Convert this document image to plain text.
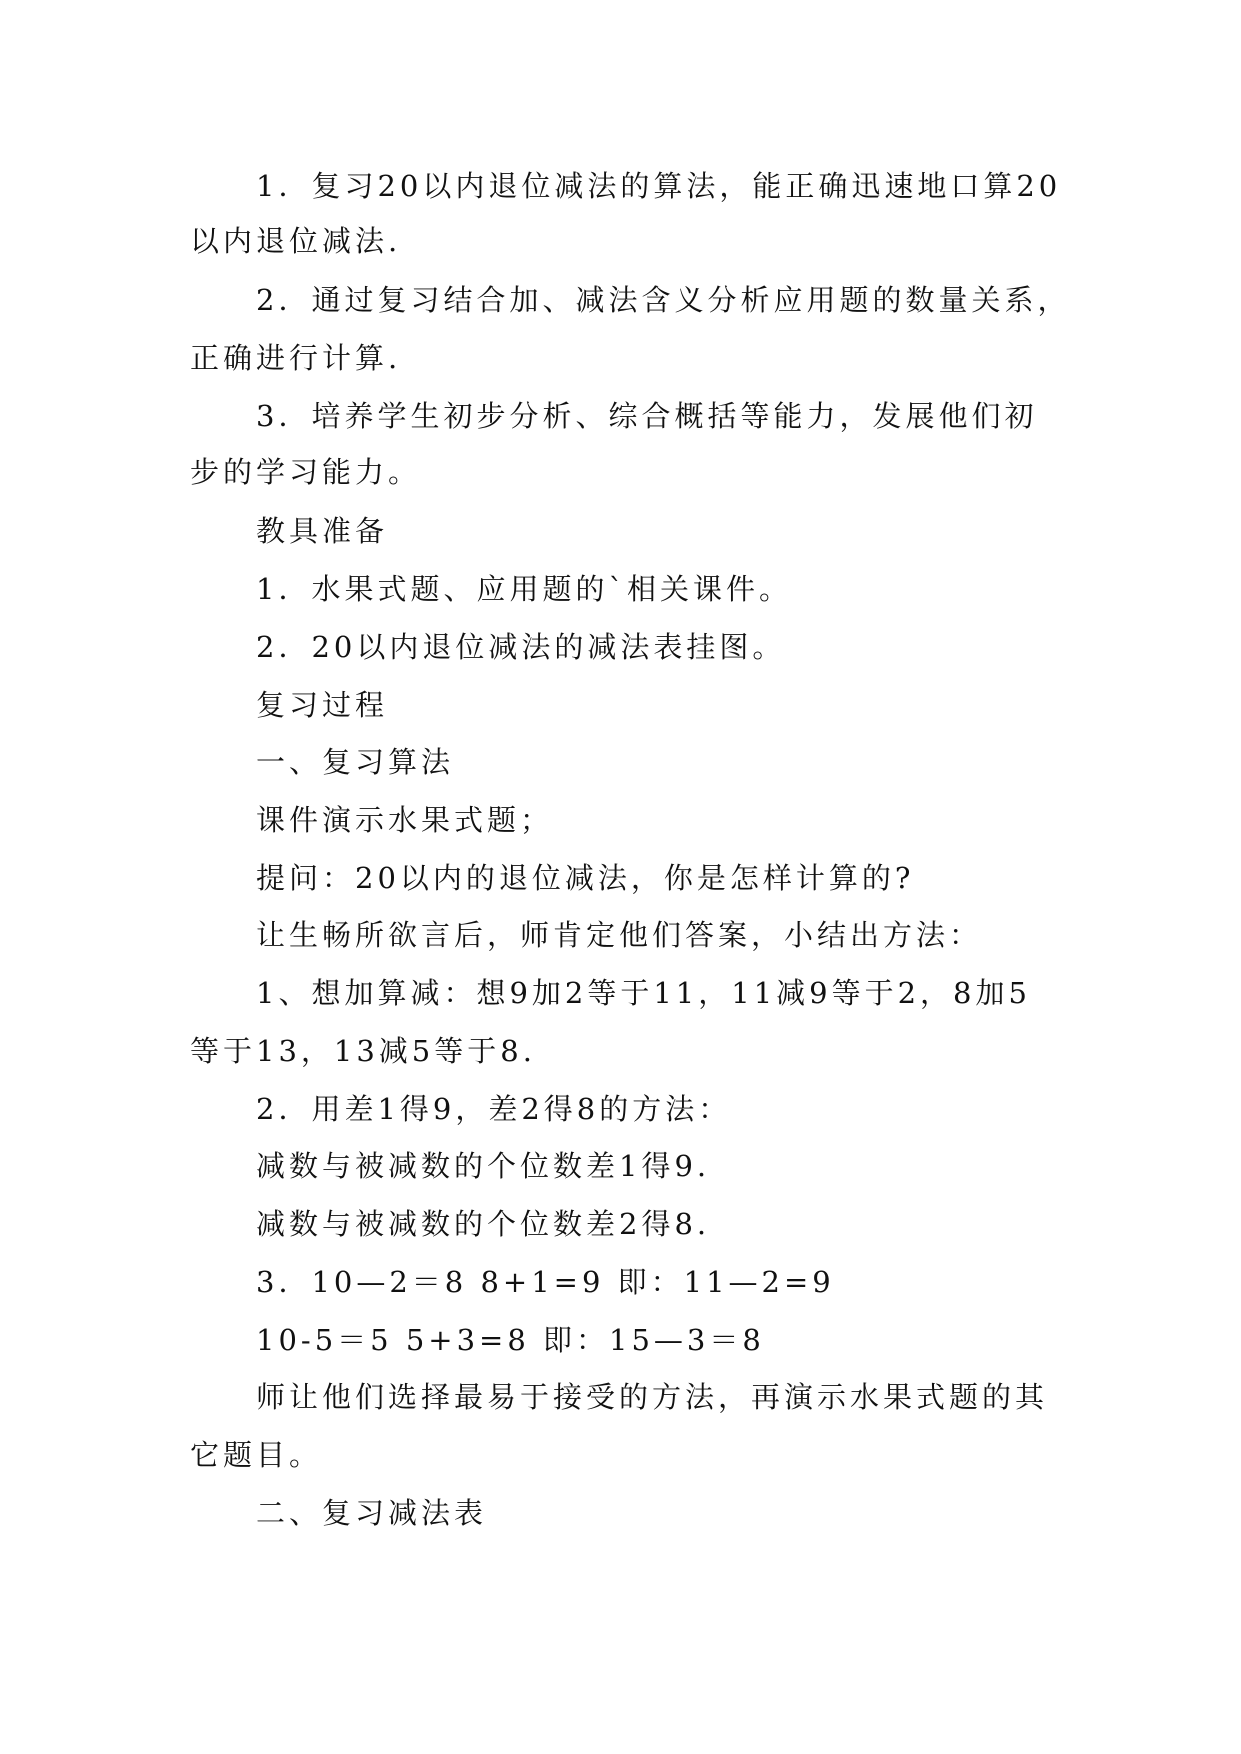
1．复习20以内退位减法的算法，能正确迅速地口算20
以内退位减法.
2．通过复习结合加、减法含义分析应用题的数量关系，
正确进行计算.
3．培养学生初步分析、综合概括等能力，发展他们初
步的学习能力。
教具准备
1．水果式题、应用题的`相关课件。
2．20以内退位减法的减法表挂图。
复习过程
一、复习算法
课件演示水果式题；
提问：20以内的退位减法，你是怎样计算的?
让生畅所欲言后，师肯定他们答案，小结出方法：
1、想加算减：想9加2等于11，11减9等于2，8加5
等于13，13减5等于8.
2．用差1得9，差2得8的方法：
减数与被减数的个位数差1得9.
减数与被减数的个位数差2得8.
3．10—2＝8 8+1=9 即：11—2=9
10-5＝5 5+3=8 即：15—3＝8
师让他们选择最易于接受的方法，再演示水果式题的其
它题目。
二、复习减法表
